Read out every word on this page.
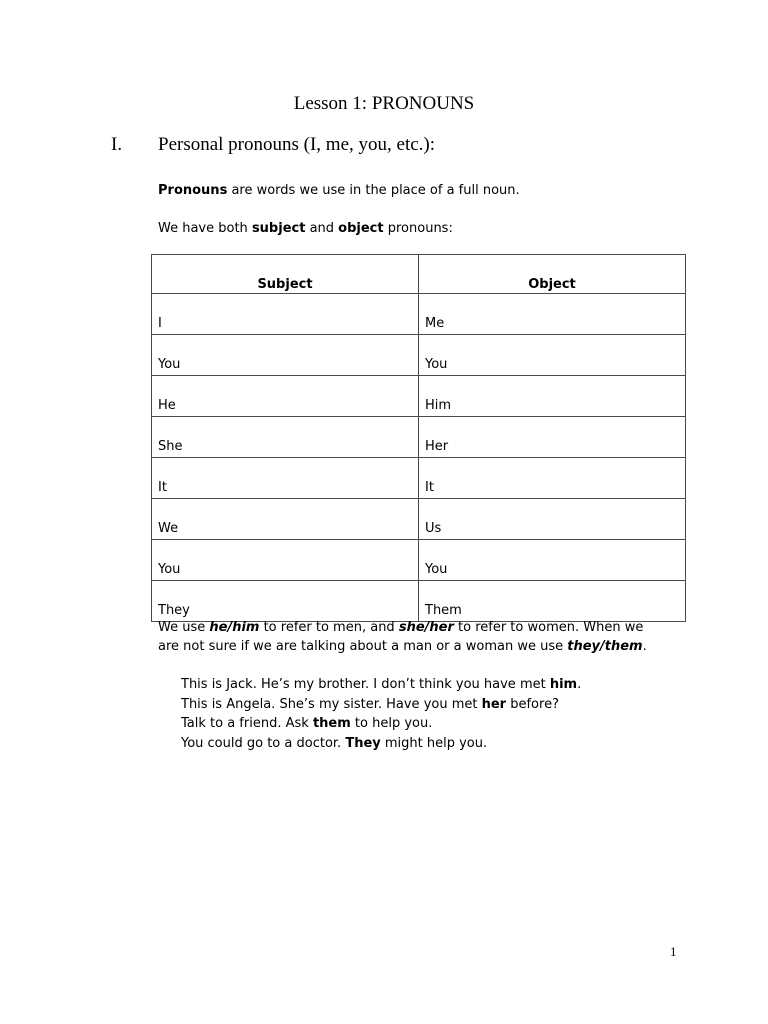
Lesson 1: PRONOUNS
I. Personal pronouns (I, me, you, etc.):

Pronouns are words we use in the place of a full noun.

We have both subject and object pronouns:

Subject	Object
I	Me
You	You
He	Him
She	Her
It	It
We	Us
You	You
They	Them

We use he/him to refer to men, and she/her to refer to women. When we

are not sure if we are talking about a man or a woman we use they/them.

This is Jack. He’s my brother. I don’t think you have met him.
This is Angela. She’s my sister. Have you met her before?
Talk to a friend. Ask them to help you.
You could go to a doctor. They might help you.
1
